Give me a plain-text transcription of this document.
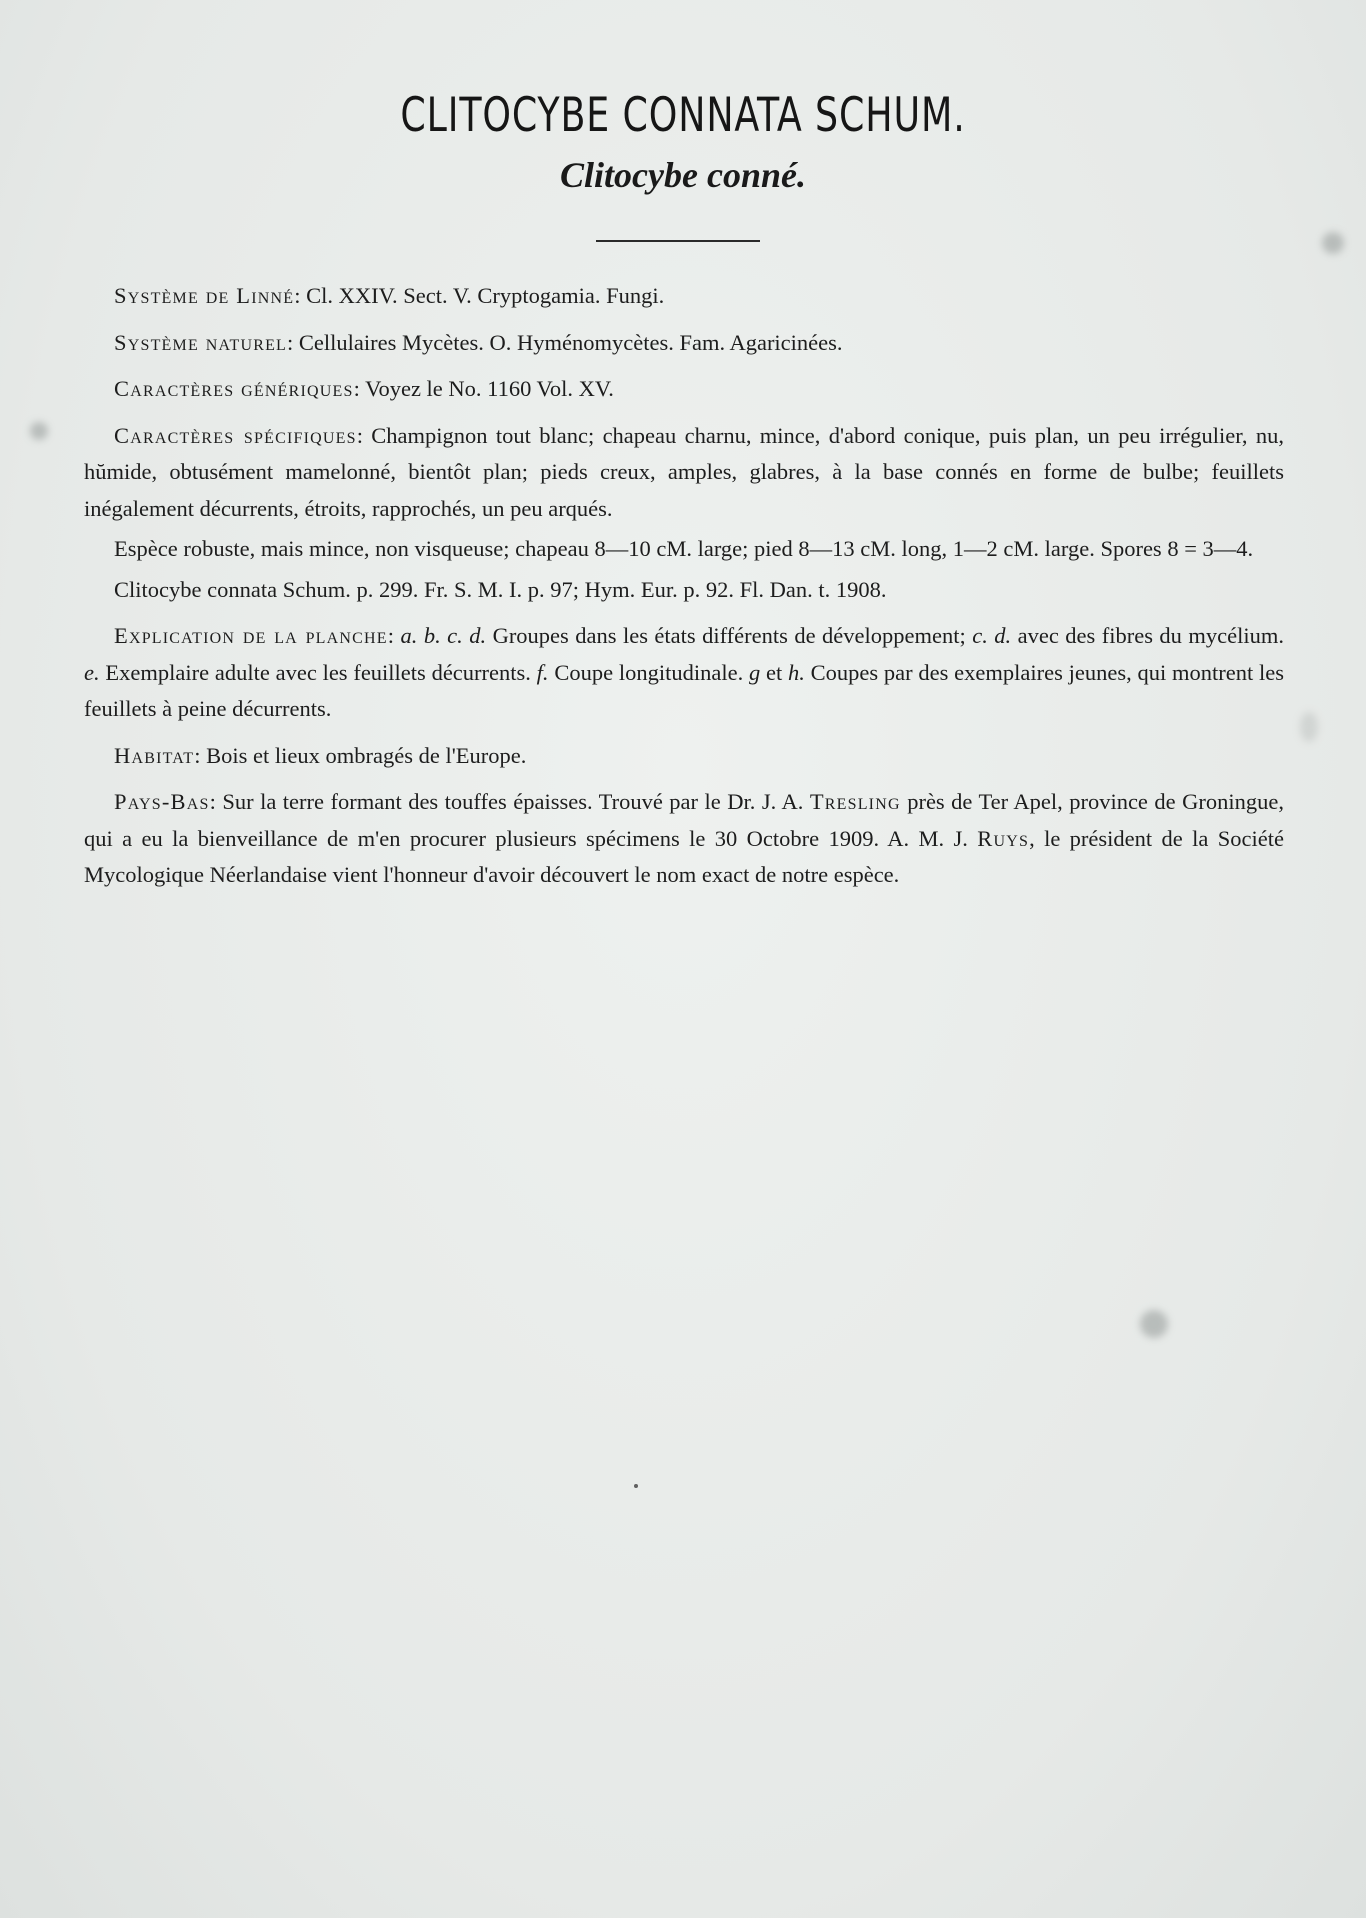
CLITOCYBE CONNATA SCHUM.
Clitocybe conné.

Système de Linné: Cl. XXIV. Sect. V. Cryptogamia. Fungi.

Système naturel: Cellulaires Mycètes. O. Hyménomycètes. Fam. Agaricinées.

Caractères génériques: Voyez le No. 1160 Vol. XV.

Caractères spécifiques: Champignon tout blanc; chapeau charnu, mince, d'abord conique, puis plan, un peu irrégulier, nu, hŭmide, obtusément mamelonné, bientôt plan; pieds creux, amples, glabres, à la base connés en forme de bulbe; feuillets inégalement décurrents, étroits, rapprochés, un peu arqués.

Espèce robuste, mais mince, non visqueuse; chapeau 8—10 cM. large; pied 8—13 cM. long, 1—2 cM. large. Spores 8 = 3—4.

Clitocybe connata Schum. p. 299. Fr. S. M. I. p. 97; Hym. Eur. p. 92. Fl. Dan. t. 1908.

Explication de la planche: a. b. c. d. Groupes dans les états différents de développement; c. d. avec des fibres du mycélium. e. Exemplaire adulte avec les feuillets décurrents. f. Coupe longitudinale. g et h. Coupes par des exemplaires jeunes, qui montrent les feuillets à peine décurrents.

Habitat: Bois et lieux ombragés de l'Europe.

Pays-Bas: Sur la terre formant des touffes épaisses. Trouvé par le Dr. J. A. Tresling près de Ter Apel, province de Groningue, qui a eu la bienveillance de m'en procurer plusieurs spécimens le 30 Octobre 1909. A. M. J. Ruys, le président de la Société Mycologique Néerlandaise vient l'honneur d'avoir découvert le nom exact de notre espèce.
